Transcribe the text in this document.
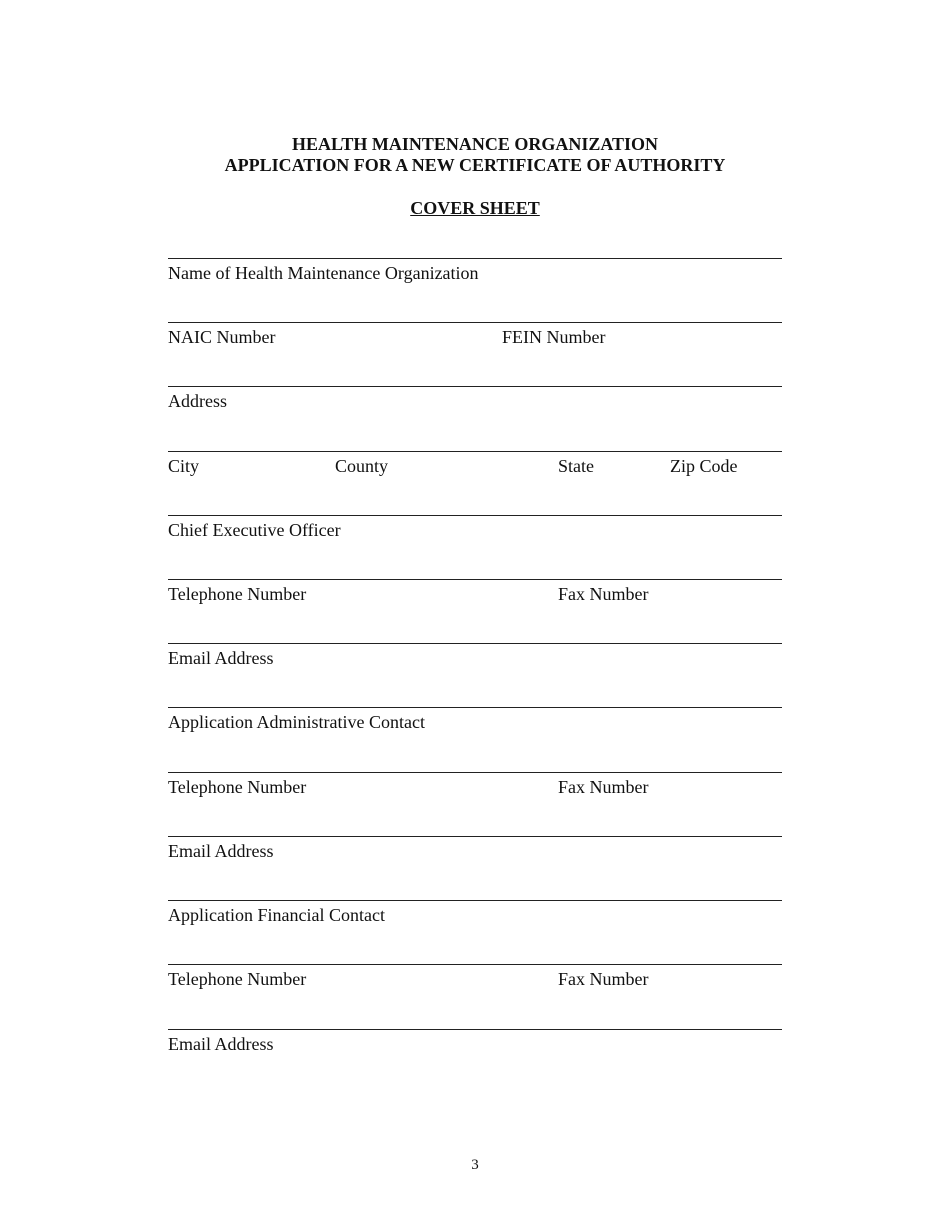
HEALTH MAINTENANCE ORGANIZATION
APPLICATION FOR A NEW CERTIFICATE OF AUTHORITY
COVER SHEET
Name of Health Maintenance Organization
NAIC Number	FEIN Number
Address
City	County	State	Zip Code
Chief Executive Officer
Telephone Number	Fax Number
Email Address
Application Administrative Contact
Telephone Number	Fax Number
Email Address
Application Financial Contact
Telephone Number	Fax Number
Email Address
3
